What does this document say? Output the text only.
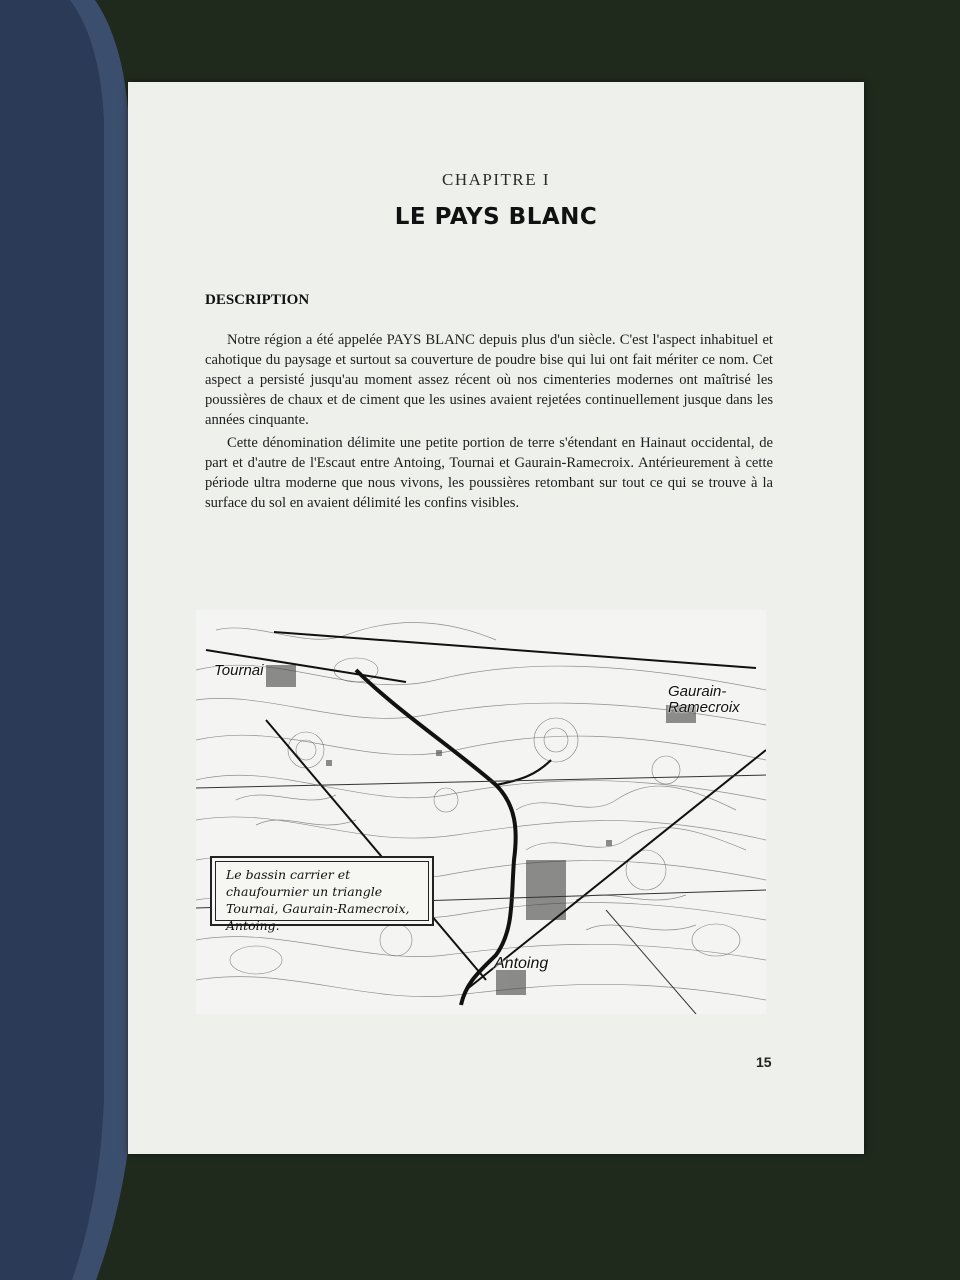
CHAPITRE I
LE PAYS BLANC
DESCRIPTION
Notre région a été appelée PAYS BLANC depuis plus d'un siècle. C'est l'aspect inhabituel et cahotique du paysage et surtout sa couverture de poudre bise qui lui ont fait mériter ce nom. Cet aspect a persisté jusqu'au moment assez récent où nos cimenteries modernes ont maîtrisé les poussières de chaux et de ciment que les usines avaient rejetées continuellement jusque dans les années cinquante.
Cette dénomination délimite une petite portion de terre s'étendant en Hainaut occidental, de part et d'autre de l'Escaut entre Antoing, Tournai et Gaurain-Ramecroix. Antérieurement à cette période ultra moderne que nous vivons, les poussières retombant sur tout ce qui se trouve à la surface du sol en avaient délimité les confins visibles.
Tournai
Gaurain-Ramecroix
Antoing
Le bassin carrier et chaufournier un triangle Tournai, Gaurain-Ramecroix, Antoing.
15
